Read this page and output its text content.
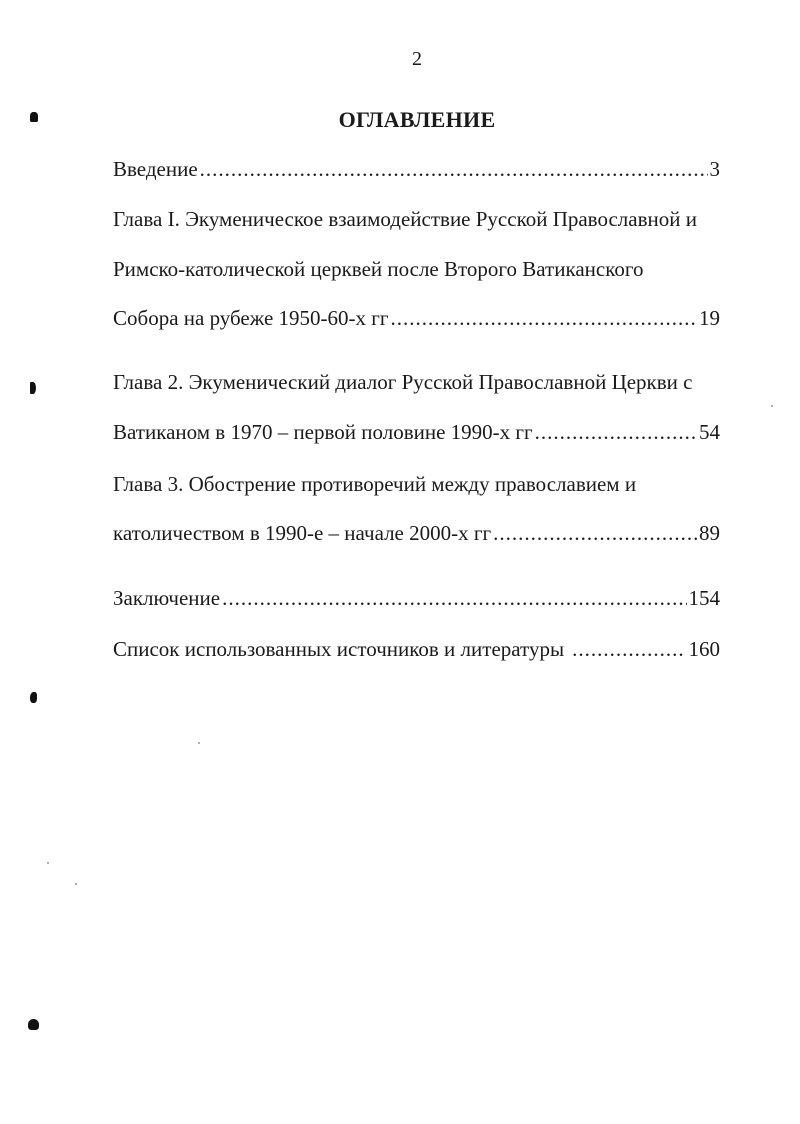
2
ОГЛАВЛЕНИЕ
Введение .....	3
Глава I. Экуменическое взаимодействие Русской Православной и
Римско-католической церквей после Второго Ватиканского
Собора на рубеже 1950-60-х гг .....	19
Глава 2. Экуменический диалог Русской Православной Церкви с
Ватиканом в 1970 – первой половине 1990-х гг .....	54
Глава 3. Обострение противоречий между православием и
католичеством в 1990-е – начале 2000-х гг .....	89
Заключение .....	154
Список использованных источников и литературы .....	160
